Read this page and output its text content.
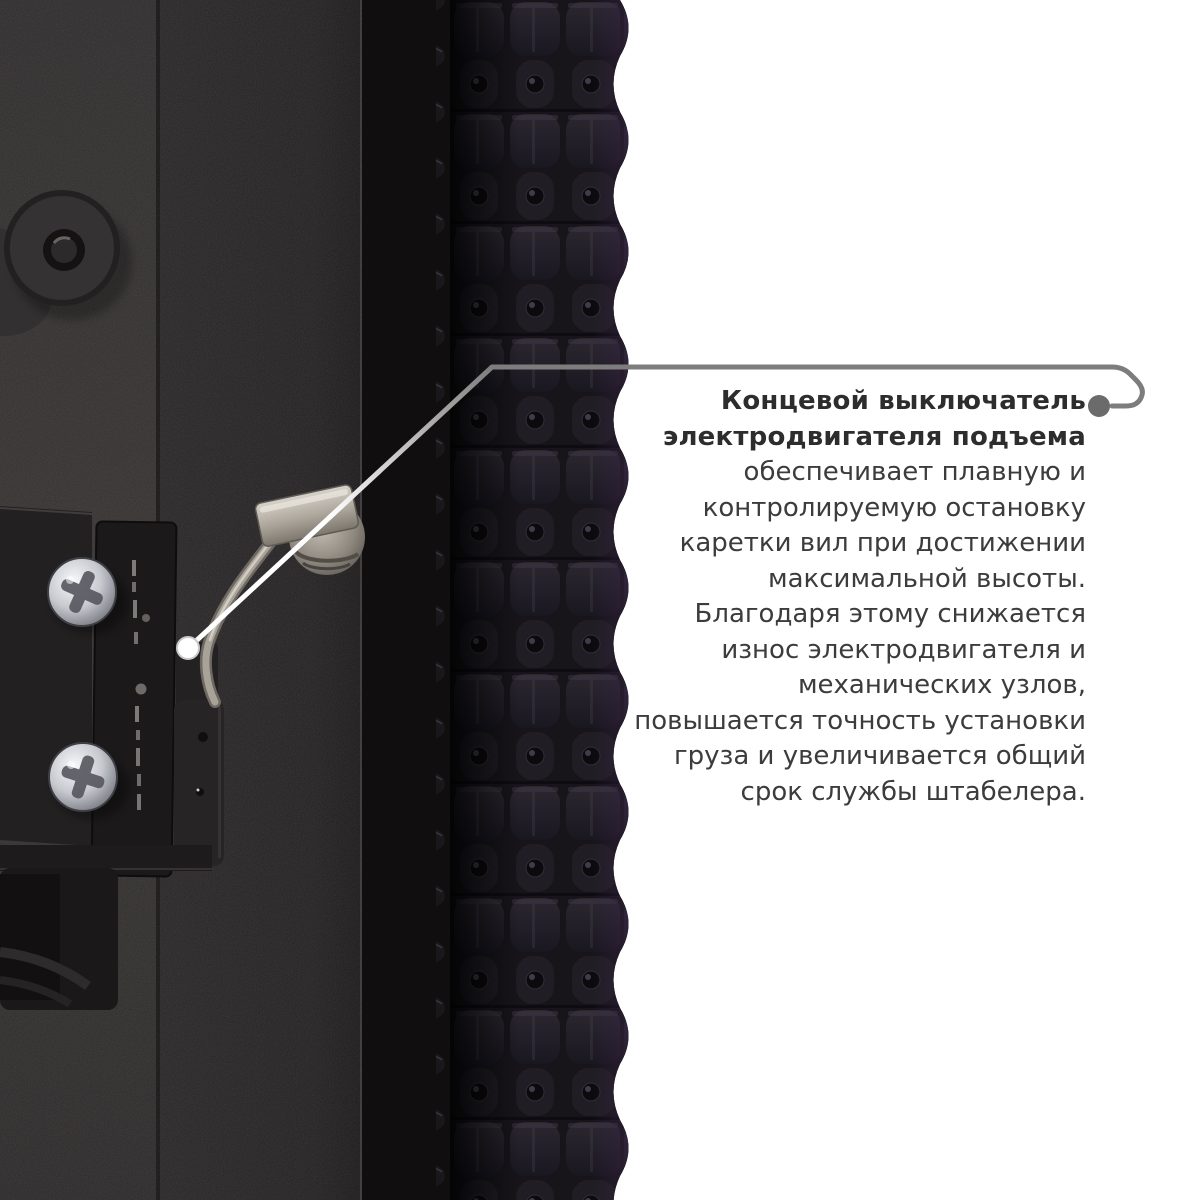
Концевой выключатель
электродвигателя подъема
обеспечивает плавную и
контролируемую остановку
каретки вил при достижении
максимальной высоты.
Благодаря этому снижается
износ электродвигателя и
механических узлов,
повышается точность установки
груза и увеличивается общий
срок службы штабелера.
